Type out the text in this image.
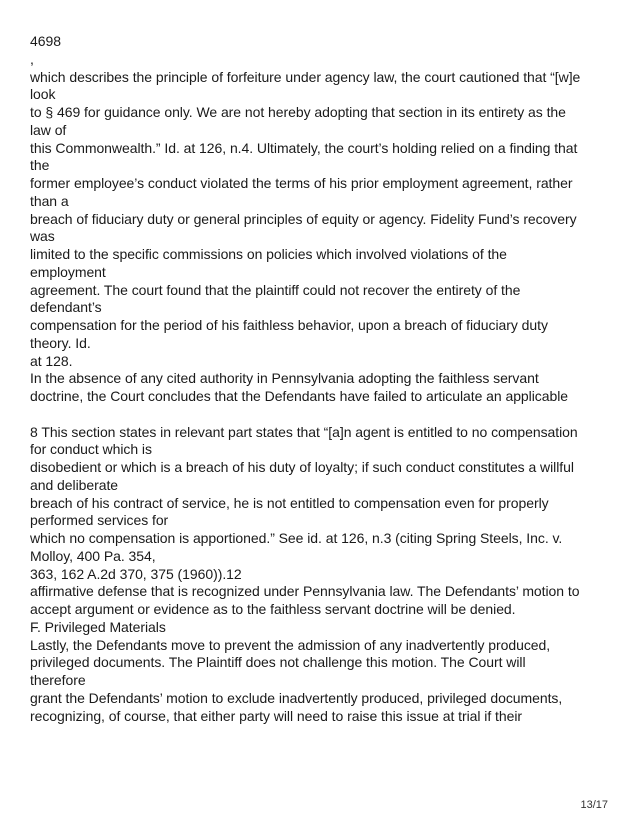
4698
,
which describes the principle of forfeiture under agency law, the court cautioned that “[w]e
look
to § 469 for guidance only. We are not hereby adopting that section in its entirety as the
law of
this Commonwealth.” Id. at 126, n.4. Ultimately, the court’s holding relied on a finding that
the
former employee’s conduct violated the terms of his prior employment agreement, rather
than a
breach of fiduciary duty or general principles of equity or agency. Fidelity Fund’s recovery
was
limited to the specific commissions on policies which involved violations of the
employment
agreement. The court found that the plaintiff could not recover the entirety of the
defendant’s
compensation for the period of his faithless behavior, upon a breach of fiduciary duty
theory. Id.
at 128.
In the absence of any cited authority in Pennsylvania adopting the faithless servant
doctrine, the Court concludes that the Defendants have failed to articulate an applicable
8 This section states in relevant part states that “[a]n agent is entitled to no compensation
for conduct which is
disobedient or which is a breach of his duty of loyalty; if such conduct constitutes a willful
and deliberate
breach of his contract of service, he is not entitled to compensation even for properly
performed services for
which no compensation is apportioned.” See id. at 126, n.3 (citing Spring Steels, Inc. v.
Molloy, 400 Pa. 354,
363, 162 A.2d 370, 375 (1960)).12
affirmative defense that is recognized under Pennsylvania law. The Defendants’ motion to
accept argument or evidence as to the faithless servant doctrine will be denied.
F. Privileged Materials
Lastly, the Defendants move to prevent the admission of any inadvertently produced,
privileged documents. The Plaintiff does not challenge this motion. The Court will
therefore
grant the Defendants’ motion to exclude inadvertently produced, privileged documents,
recognizing, of course, that either party will need to raise this issue at trial if their
13/17
